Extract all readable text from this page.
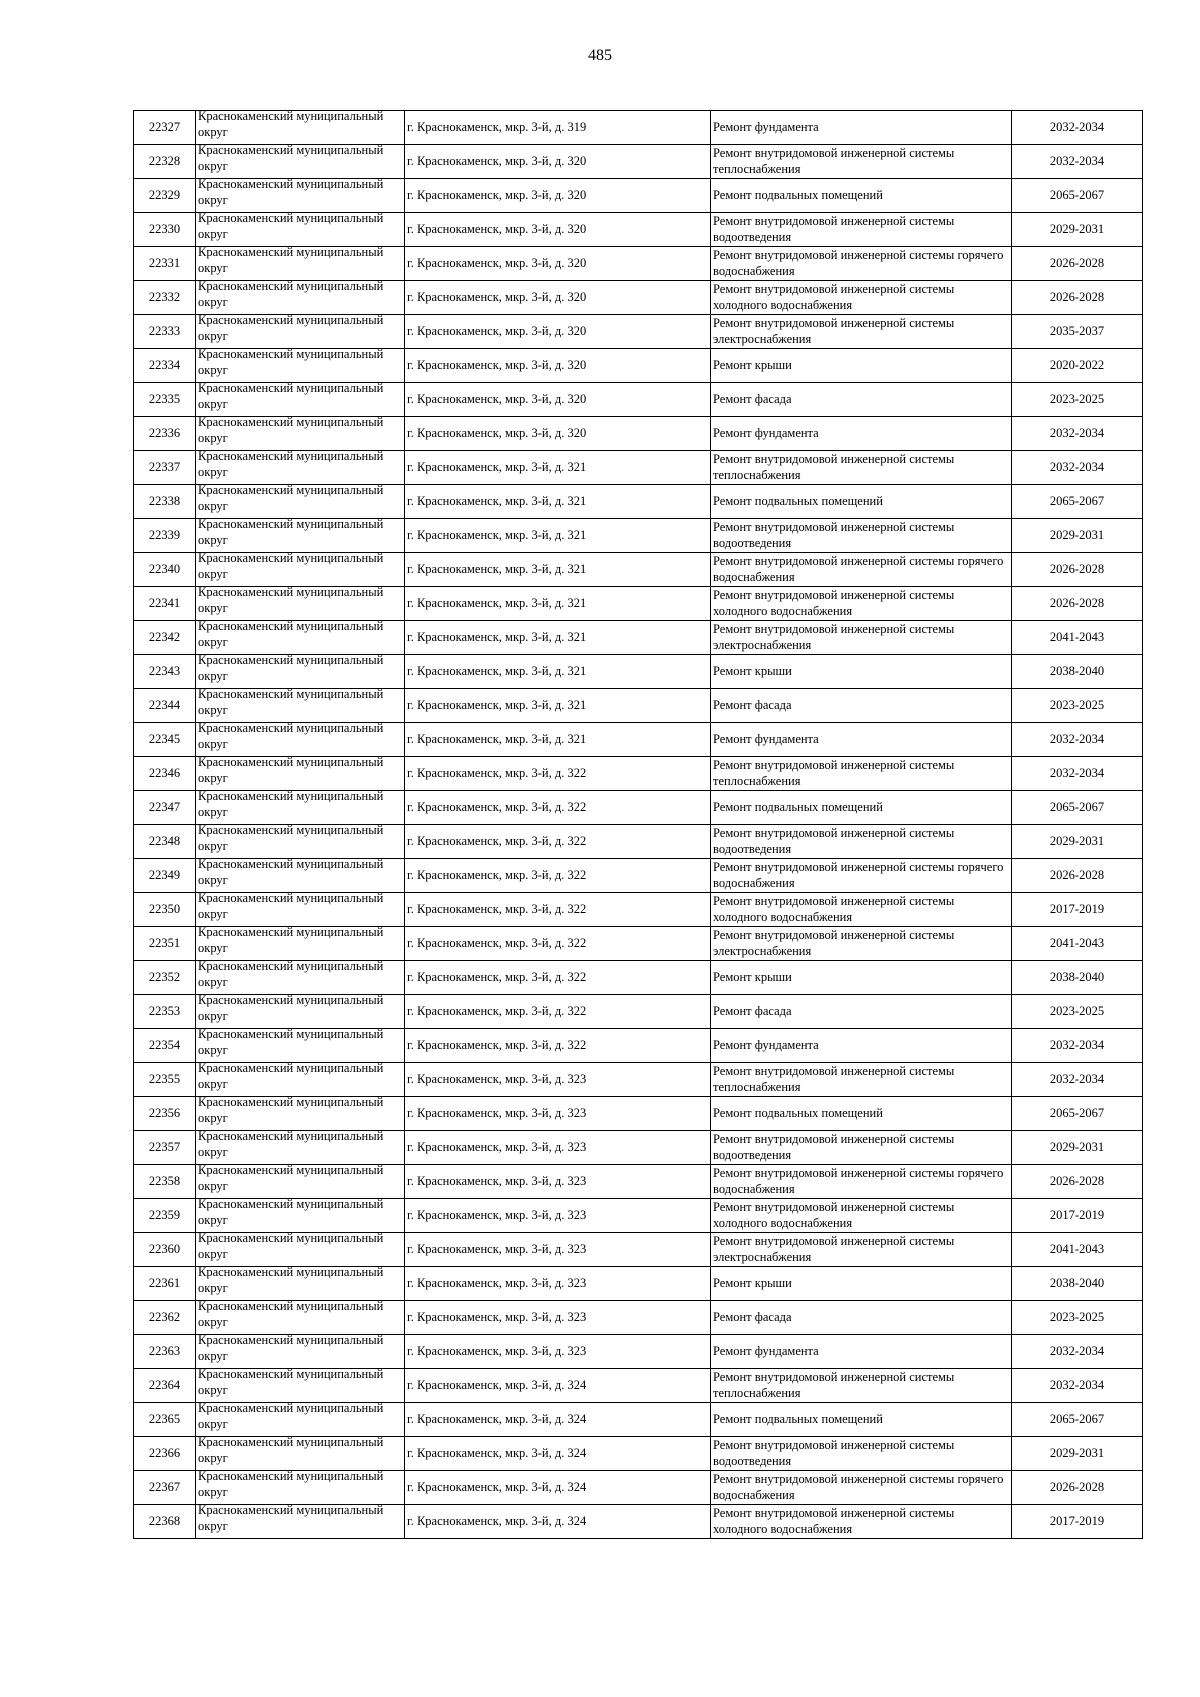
485
22327	Краснокаменский муниципальный округ	г. Краснокаменск, мкр. 3-й, д. 319	Ремонт фундамента	2032-2034
22328	Краснокаменский муниципальный округ	г. Краснокаменск, мкр. 3-й, д. 320	Ремонт внутридомовой инженерной системы теплоснабжения	2032-2034
22329	Краснокаменский муниципальный округ	г. Краснокаменск, мкр. 3-й, д. 320	Ремонт подвальных помещений	2065-2067
22330	Краснокаменский муниципальный округ	г. Краснокаменск, мкр. 3-й, д. 320	Ремонт внутридомовой инженерной системы водоотведения	2029-2031
22331	Краснокаменский муниципальный округ	г. Краснокаменск, мкр. 3-й, д. 320	Ремонт внутридомовой инженерной системы горячего водоснабжения	2026-2028
22332	Краснокаменский муниципальный округ	г. Краснокаменск, мкр. 3-й, д. 320	Ремонт внутридомовой инженерной системы холодного водоснабжения	2026-2028
22333	Краснокаменский муниципальный округ	г. Краснокаменск, мкр. 3-й, д. 320	Ремонт внутридомовой инженерной системы электроснабжения	2035-2037
22334	Краснокаменский муниципальный округ	г. Краснокаменск, мкр. 3-й, д. 320	Ремонт крыши	2020-2022
22335	Краснокаменский муниципальный округ	г. Краснокаменск, мкр. 3-й, д. 320	Ремонт фасада	2023-2025
22336	Краснокаменский муниципальный округ	г. Краснокаменск, мкр. 3-й, д. 320	Ремонт фундамента	2032-2034
22337	Краснокаменский муниципальный округ	г. Краснокаменск, мкр. 3-й, д. 321	Ремонт внутридомовой инженерной системы теплоснабжения	2032-2034
22338	Краснокаменский муниципальный округ	г. Краснокаменск, мкр. 3-й, д. 321	Ремонт подвальных помещений	2065-2067
22339	Краснокаменский муниципальный округ	г. Краснокаменск, мкр. 3-й, д. 321	Ремонт внутридомовой инженерной системы водоотведения	2029-2031
22340	Краснокаменский муниципальный округ	г. Краснокаменск, мкр. 3-й, д. 321	Ремонт внутридомовой инженерной системы горячего водоснабжения	2026-2028
22341	Краснокаменский муниципальный округ	г. Краснокаменск, мкр. 3-й, д. 321	Ремонт внутридомовой инженерной системы холодного водоснабжения	2026-2028
22342	Краснокаменский муниципальный округ	г. Краснокаменск, мкр. 3-й, д. 321	Ремонт внутридомовой инженерной системы электроснабжения	2041-2043
22343	Краснокаменский муниципальный округ	г. Краснокаменск, мкр. 3-й, д. 321	Ремонт крыши	2038-2040
22344	Краснокаменский муниципальный округ	г. Краснокаменск, мкр. 3-й, д. 321	Ремонт фасада	2023-2025
22345	Краснокаменский муниципальный округ	г. Краснокаменск, мкр. 3-й, д. 321	Ремонт фундамента	2032-2034
22346	Краснокаменский муниципальный округ	г. Краснокаменск, мкр. 3-й, д. 322	Ремонт внутридомовой инженерной системы теплоснабжения	2032-2034
22347	Краснокаменский муниципальный округ	г. Краснокаменск, мкр. 3-й, д. 322	Ремонт подвальных помещений	2065-2067
22348	Краснокаменский муниципальный округ	г. Краснокаменск, мкр. 3-й, д. 322	Ремонт внутридомовой инженерной системы водоотведения	2029-2031
22349	Краснокаменский муниципальный округ	г. Краснокаменск, мкр. 3-й, д. 322	Ремонт внутридомовой инженерной системы горячего водоснабжения	2026-2028
22350	Краснокаменский муниципальный округ	г. Краснокаменск, мкр. 3-й, д. 322	Ремонт внутридомовой инженерной системы холодного водоснабжения	2017-2019
22351	Краснокаменский муниципальный округ	г. Краснокаменск, мкр. 3-й, д. 322	Ремонт внутридомовой инженерной системы электроснабжения	2041-2043
22352	Краснокаменский муниципальный округ	г. Краснокаменск, мкр. 3-й, д. 322	Ремонт крыши	2038-2040
22353	Краснокаменский муниципальный округ	г. Краснокаменск, мкр. 3-й, д. 322	Ремонт фасада	2023-2025
22354	Краснокаменский муниципальный округ	г. Краснокаменск, мкр. 3-й, д. 322	Ремонт фундамента	2032-2034
22355	Краснокаменский муниципальный округ	г. Краснокаменск, мкр. 3-й, д. 323	Ремонт внутридомовой инженерной системы теплоснабжения	2032-2034
22356	Краснокаменский муниципальный округ	г. Краснокаменск, мкр. 3-й, д. 323	Ремонт подвальных помещений	2065-2067
22357	Краснокаменский муниципальный округ	г. Краснокаменск, мкр. 3-й, д. 323	Ремонт внутридомовой инженерной системы водоотведения	2029-2031
22358	Краснокаменский муниципальный округ	г. Краснокаменск, мкр. 3-й, д. 323	Ремонт внутридомовой инженерной системы горячего водоснабжения	2026-2028
22359	Краснокаменский муниципальный округ	г. Краснокаменск, мкр. 3-й, д. 323	Ремонт внутридомовой инженерной системы холодного водоснабжения	2017-2019
22360	Краснокаменский муниципальный округ	г. Краснокаменск, мкр. 3-й, д. 323	Ремонт внутридомовой инженерной системы электроснабжения	2041-2043
22361	Краснокаменский муниципальный округ	г. Краснокаменск, мкр. 3-й, д. 323	Ремонт крыши	2038-2040
22362	Краснокаменский муниципальный округ	г. Краснокаменск, мкр. 3-й, д. 323	Ремонт фасада	2023-2025
22363	Краснокаменский муниципальный округ	г. Краснокаменск, мкр. 3-й, д. 323	Ремонт фундамента	2032-2034
22364	Краснокаменский муниципальный округ	г. Краснокаменск, мкр. 3-й, д. 324	Ремонт внутридомовой инженерной системы теплоснабжения	2032-2034
22365	Краснокаменский муниципальный округ	г. Краснокаменск, мкр. 3-й, д. 324	Ремонт подвальных помещений	2065-2067
22366	Краснокаменский муниципальный округ	г. Краснокаменск, мкр. 3-й, д. 324	Ремонт внутридомовой инженерной системы водоотведения	2029-2031
22367	Краснокаменский муниципальный округ	г. Краснокаменск, мкр. 3-й, д. 324	Ремонт внутридомовой инженерной системы горячего водоснабжения	2026-2028
22368	Краснокаменский муниципальный округ	г. Краснокаменск, мкр. 3-й, д. 324	Ремонт внутридомовой инженерной системы холодного водоснабжения	2017-2019
